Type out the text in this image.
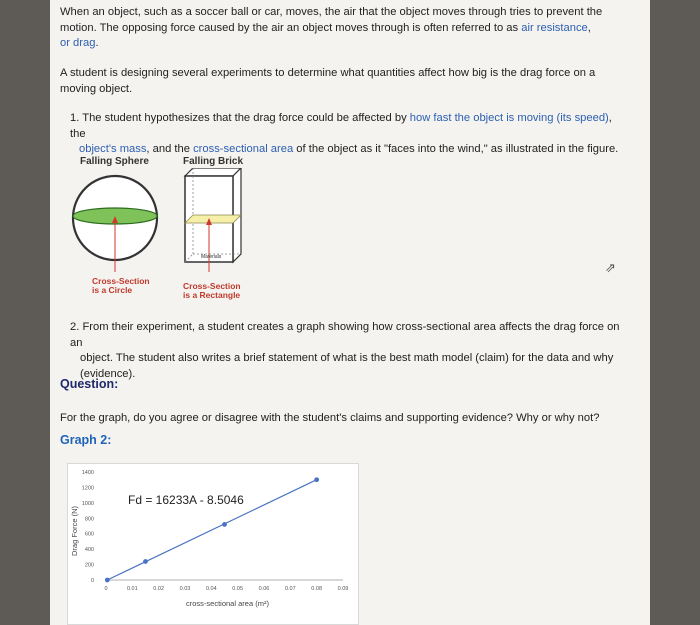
When an object, such as a soccer ball or car, moves, the air that the object moves through tries to prevent the
motion. The opposing force caused by the air an object moves through is often referred to as air resistance,
or drag.

A student is designing several experiments to determine what quantities affect how big is the drag force on a
moving object.

1. The student hypothesizes that the drag force could be affected by how fast the object is moving (its speed), the
object's mass, and the cross-sectional area of the object as it "faces into the wind," as illustrated in the figure.

Falling Sphere	Falling Brick
Materials
Cross-Section
is a Circle	Cross-Section
is a Rectangle
⇗

2. From their experiment, a student creates a graph showing how cross-sectional area affects the drag force on an
object. The student also writes a brief statement of what is the best math model (claim) for the data and why
(evidence).

Question:
For the graph, do you agree or disagree with the student's claims and supporting evidence? Why or why not?
Graph 2:
0
200
400
600
800
1000
1200
1400
0	0.01	0.02	0.03	0.04	0.05	0.06	0.07	0.08	0.09
Fd = 16233A - 8.5046
cross-sectional area (m²)
Drag Force (N)
